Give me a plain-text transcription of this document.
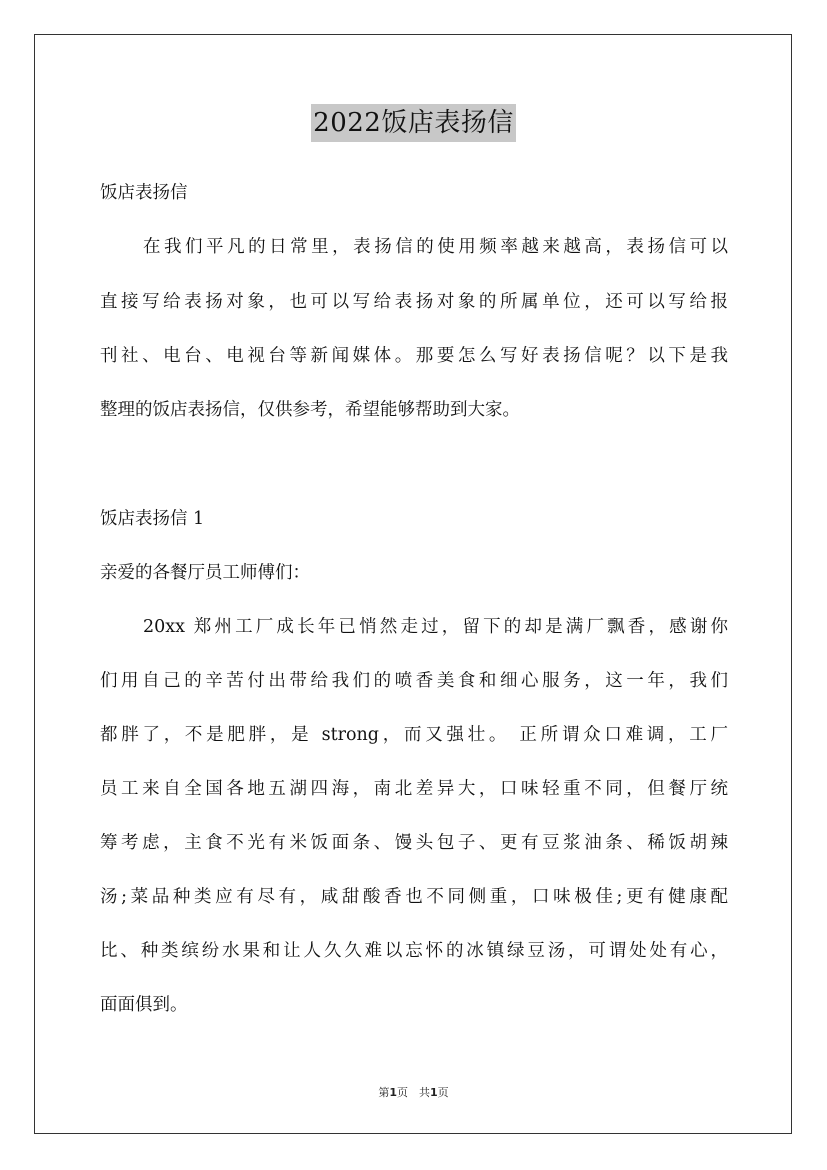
2022饭店表扬信
饭店表扬信
在我们平凡的日常里，表扬信的使用频率越来越高，表扬信可以
直接写给表扬对象，也可以写给表扬对象的所属单位，还可以写给报
刊社、电台、电视台等新闻媒体。那要怎么写好表扬信呢？以下是我
整理的饭店表扬信，仅供参考，希望能够帮助到大家。
饭店表扬信 1
亲爱的各餐厅员工师傅们：
20xx 郑州工厂成长年已悄然走过，留下的却是满厂飘香，感谢你
们用自己的辛苦付出带给我们的喷香美食和细心服务，这一年，我们
都胖了，不是肥胖，是 strong，而又强壮。 正所谓众口难调，工厂
员工来自全国各地五湖四海，南北差异大，口味轻重不同，但餐厅统
筹考虑，主食不光有米饭面条、馒头包子、更有豆浆油条、稀饭胡辣
汤;菜品种类应有尽有，咸甜酸香也不同侧重，口味极佳;更有健康配
比、种类缤纷水果和让人久久难以忘怀的冰镇绿豆汤，可谓处处有心，
面面俱到。
第1页　共1页
